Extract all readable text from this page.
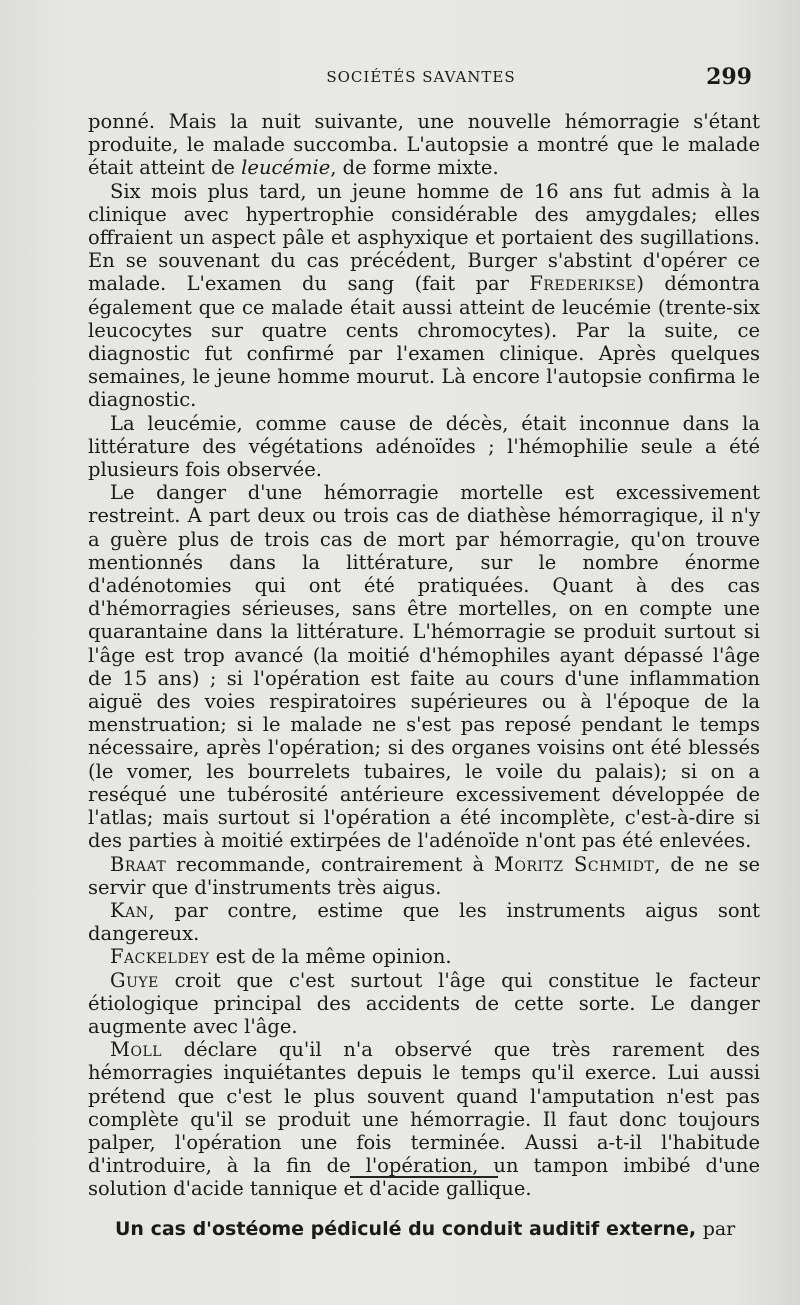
SOCIÉTÉS SAVANTES	299

ponné. Mais la nuit suivante, une nouvelle hémorragie s'étant produite, le malade succomba. L'autopsie a montré que le malade était atteint de leucémie, de forme mixte.

Six mois plus tard, un jeune homme de 16 ans fut admis à la clinique avec hypertrophie considérable des amygdales; elles offraient un aspect pâle et asphyxique et portaient des sugillations. En se souvenant du cas précédent, Burger s'abstint d'opérer ce malade. L'examen du sang (fait par Frederikse) démontra également que ce malade était aussi atteint de leucémie (trente-six leucocytes sur quatre cents chromocytes). Par la suite, ce diagnostic fut confirmé par l'examen clinique. Après quelques semaines, le jeune homme mourut. Là encore l'autopsie confirma le diagnostic.

La leucémie, comme cause de décès, était inconnue dans la littérature des végétations adénoïdes ; l'hémophilie seule a été plusieurs fois observée.

Le danger d'une hémorragie mortelle est excessivement restreint. A part deux ou trois cas de diathèse hémorragique, il n'y a guère plus de trois cas de mort par hémorragie, qu'on trouve mentionnés dans la littérature, sur le nombre énorme d'adénotomies qui ont été pratiquées. Quant à des cas d'hémorragies sérieuses, sans être mortelles, on en compte une quarantaine dans la littérature. L'hémorragie se produit surtout si l'âge est trop avancé (la moitié d'hémophiles ayant dépassé l'âge de 15 ans) ; si l'opération est faite au cours d'une inflammation aiguë des voies respiratoires supérieures ou à l'époque de la menstruation; si le malade ne s'est pas reposé pendant le temps nécessaire, après l'opération; si des organes voisins ont été blessés (le vomer, les bourrelets tubaires, le voile du palais); si on a reséqué une tubérosité antérieure excessivement développée de l'atlas; mais surtout si l'opération a été incomplète, c'est-à-dire si des parties à moitié extirpées de l'adénoïde n'ont pas été enlevées.

Braat recommande, contrairement à Moritz Schmidt, de ne se servir que d'instruments très aigus.

Kan, par contre, estime que les instruments aigus sont dangereux.

Fackeldey est de la même opinion.

Guye croit que c'est surtout l'âge qui constitue le facteur étiologique principal des accidents de cette sorte. Le danger augmente avec l'âge.

Moll déclare qu'il n'a observé que très rarement des hémorragies inquiétantes depuis le temps qu'il exerce. Lui aussi prétend que c'est le plus souvent quand l'amputation n'est pas complète qu'il se produit une hémorragie. Il faut donc toujours palper, l'opération une fois terminée. Aussi a-t-il l'habitude d'introduire, à la fin de l'opération, un tampon imbibé d'une solution d'acide tannique et d'acide gallique.

Un cas d'ostéome pédiculé du conduit auditif externe, par
